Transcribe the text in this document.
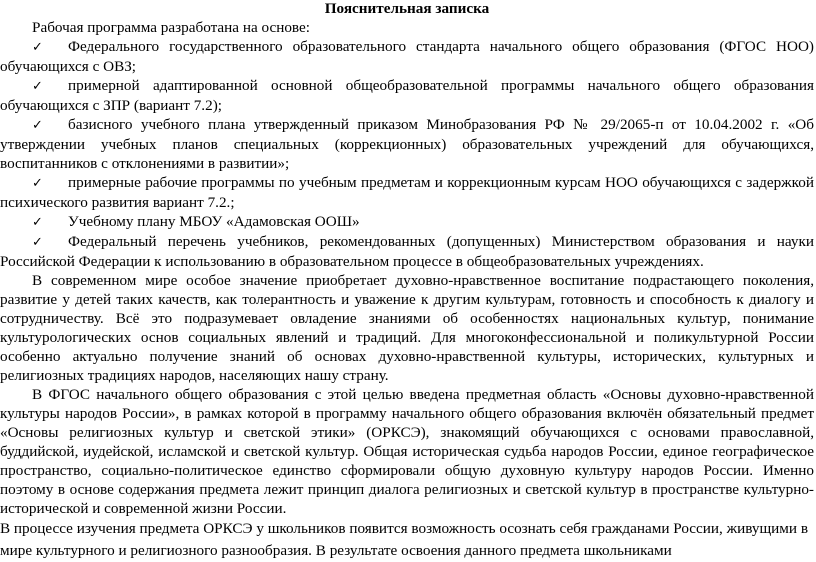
Пояснительная записка

Рабочая программа разработана на основе:

✓ Федерального государственного образовательного стандарта начального общего образования (ФГОС НОО) обучающихся с ОВЗ;

✓ примерной адаптированной основной общеобразовательной программы начального общего образования обучающихся с ЗПР (вариант 7.2);

✓ базисного учебного плана утвержденный приказом Минобразования РФ № 29/2065-п от 10.04.2002 г. «Об утверждении учебных планов специальных (коррекционных) образовательных учреждений для обучающихся, воспитанников с отклонениями в развитии»;

✓ примерные рабочие программы по учебным предметам и коррекционным курсам НОО обучающихся с задержкой психического развития вариант 7.2.;

✓ Учебному плану МБОУ «Адамовская ООШ»

✓ Федеральный перечень учебников, рекомендованных (допущенных) Министерством образования и науки Российской Федерации к использованию в образовательном процессе в общеобразовательных учреждениях.

В современном мире особое значение приобретает духовно-нравственное воспитание подрастающего поколения, развитие у детей таких качеств, как толерантность и уважение к другим культурам, готовность и способность к диалогу и сотрудничеству. Всё это подразумевает овладение знаниями об особенностях национальных культур, понимание культурологических основ социальных явлений и традиций. Для многоконфессиональной и поликультурной России особенно актуально получение знаний об основах духовно-нравственной культуры, исторических, культурных и религиозных традициях народов, населяющих нашу страну.

В ФГОС начального общего образования с этой целью введена предметная область «Основы духовно-нравственной культуры народов России», в рамках которой в программу начального общего образования включён обязательный предмет «Основы религиозных культур и светской этики» (ОРКСЭ), знакомящий обучающихся с основами православной, буддийской, иудейской, исламской и светской культур. Общая историческая судьба народов России, единое географическое пространство, социально-политическое единство сформировали общую духовную культуру народов России. Именно поэтому в основе содержания предмета лежит принцип диалога религиозных и светской культур в пространстве культурно-исторической и современной жизни России.

В процессе изучения предмета ОРКСЭ у школьников появится возможность осознать себя гражданами России, живущими в мире культурного и религиозного разнообразия. В результате освоения данного предмета школьниками
